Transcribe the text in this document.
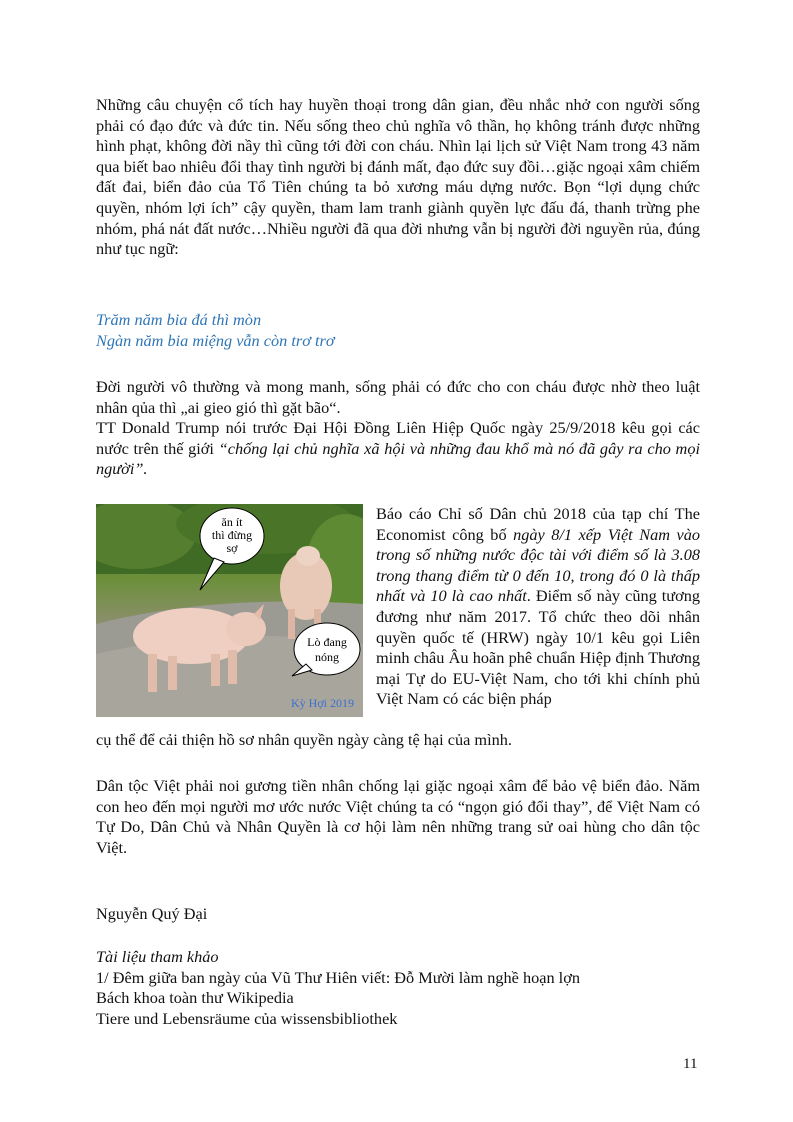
Những câu chuyện cổ tích hay huyền thoại trong dân gian, đều nhắc nhở con người sống phải có đạo đức và đức tin. Nếu sống theo chủ nghĩa vô thần, họ không tránh được những hình phạt, không đời nầy thì cũng tới đời con cháu. Nhìn lại lịch sử Việt Nam trong 43 năm qua biết bao nhiêu đổi thay tình người bị đánh mất, đạo đức suy đồi…giặc ngoại xâm chiếm đất đai, biển đảo của Tổ Tiên chúng ta bỏ xương máu dựng nước. Bọn “lợi dụng chức quyền, nhóm lợi ích” cậy quyền, tham lam tranh giành quyền lực đấu đá, thanh trừng phe nhóm, phá nát đất nước…Nhiều người đã qua đời nhưng vẫn bị người đời nguyền rủa, đúng như tục ngữ:

Trăm năm bia đá thì mòn
Ngàn năm bia miệng vẫn còn trơ trơ

Đời người vô thường và mong manh, sống phải có đức cho con cháu được nhờ theo luật nhân qủa thì „ai gieo gió thì gặt bão“.

TT Donald Trump nói trước Đại Hội Đồng Liên Hiệp Quốc ngày 25/9/2018 kêu gọi các nước trên thế giới “chống lại chủ nghĩa xã hội và những đau khổ mà nó đã gây ra cho mọi người”.

ăn ít
thì đừng
sợ
Lò đang
nóng
Kỳ Hợi 2019

Báo cáo Chỉ số Dân chủ 2018 của tạp chí The Economist công bố ngày 8/1 xếp Việt Nam vào trong số những nước độc tài với điểm số là 3.08 trong thang điểm từ 0 đến 10, trong đó 0 là thấp nhất và 10 là cao nhất. Điểm số này cũng tương đương như năm 2017. Tổ chức theo dõi nhân quyền quốc tế (HRW) ngày 10/1 kêu gọi Liên minh châu Âu hoãn phê chuẩn Hiệp định Thương mại Tự do EU-Việt Nam, cho tới khi chính phủ Việt Nam có các biện pháp

cụ thể để cải thiện hồ sơ nhân quyền ngày càng tệ hại của mình.

Dân tộc Việt phải noi gương tiền nhân chống lại giặc ngoại xâm để bảo vệ biển đảo. Năm con heo đến mọi người mơ ước nước Việt chúng ta có “ngọn gió đổi thay”, để Việt Nam có Tự Do, Dân Chủ và Nhân Quyền là cơ hội làm nên những trang sử oai hùng cho dân tộc Việt.

Nguyễn Quý Đại
Tài liệu tham khảo
1/ Đêm giữa ban ngày của Vũ Thư Hiên viết: Đỗ Mười làm nghề hoạn lợn
Bách khoa toàn thư Wikipedia
Tiere und Lebensräume của wissensbibliothek
11
